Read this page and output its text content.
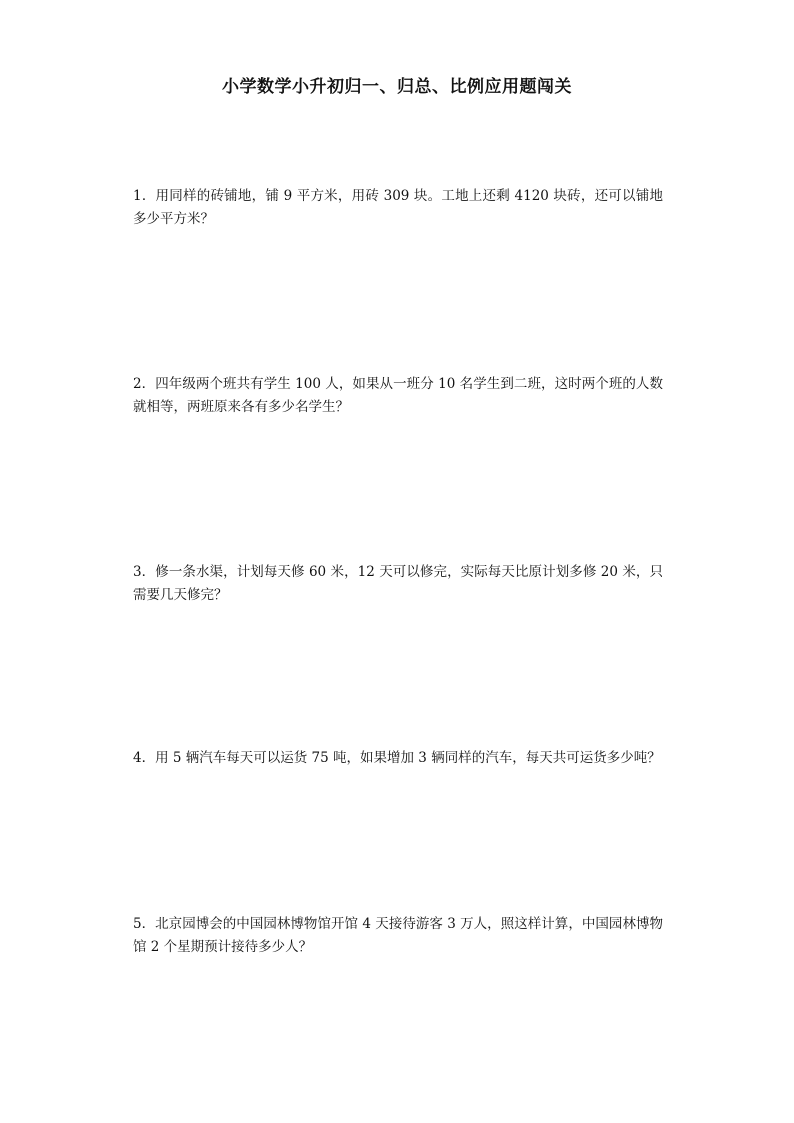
小学数学小升初归一、归总、比例应用题闯关

1．用同样的砖铺地，铺 9 平方米，用砖 309 块。工地上还剩 4120 块砖，还可以铺地多少平方米？

2．四年级两个班共有学生 100 人，如果从一班分 10 名学生到二班，这时两个班的人数就相等，两班原来各有多少名学生？

3．修一条水渠，计划每天修 60 米，12 天可以修完，实际每天比原计划多修 20 米，只需要几天修完？

4．用 5 辆汽车每天可以运货 75 吨，如果增加 3 辆同样的汽车，每天共可运货多少吨？

5．北京园博会的中国园林博物馆开馆 4 天接待游客 3 万人，照这样计算，中国园林博物馆 2 个星期预计接待多少人？
